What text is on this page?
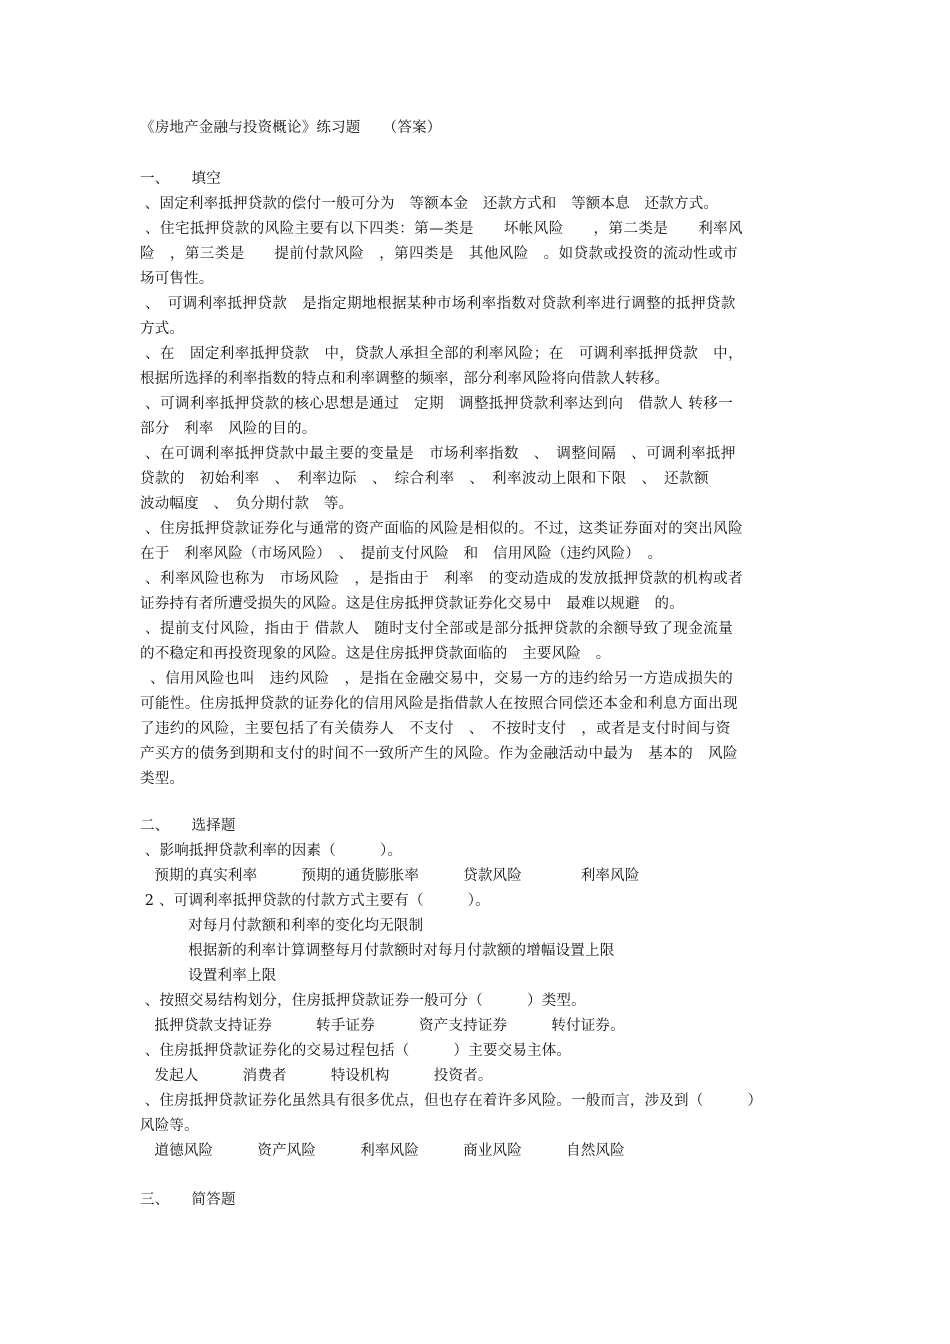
《房地产金融与投资概论》练习题　　（答案）
一、　　填空
、固定利率抵押贷款的偿付一般可分为　等额本金　还款方式和　等额本息　还款方式。
、住宅抵押贷款的风险主要有以下四类：第—类是　　坏帐风险　　，第二类是　　利率风
险　，第三类是　　提前付款风险　，第四类是　其他风险　。如贷款或投资的流动性或市
场可售性。
、　可调利率抵押贷款　是指定期地根据某种市场利率指数对贷款利率进行调整的抵押贷款
方式。
、在　固定利率抵押贷款　中，贷款人承担全部的利率风险；在　可调利率抵押贷款　中，
根据所选择的利率指数的特点和利率调整的频率，部分利率风险将向借款人转移。
、可调利率抵押贷款的核心思想是通过　定期　调整抵押贷款利率达到向　借款人 转移一
部分　利率　风险的目的。
、在可调利率抵押贷款中最主要的变量是　市场利率指数　、　调整间隔　、可调利率抵押
贷款的　初始利率　、　利率边际　、　综合利率　、　利率波动上限和下限　、　还款额
波动幅度　、　负分期付款　等。
、住房抵押贷款证券化与通常的资产面临的风险是相似的。不过，这类证券面对的突出风险
在于　利率风险（市场风险）　、　提前支付风险　和　信用风险（违约风险）　。
、利率风险也称为　市场风险　，是指由于　利率　的变动造成的发放抵押贷款的机构或者
证券持有者所遭受损失的风险。这是住房抵押贷款证券化交易中　最难以规避　的。
、提前支付风险，指由于 借款人　随时支付全部或是部分抵押贷款的余额导致了现金流量
的不稳定和再投资现象的风险。这是住房抵押贷款面临的　主要风险　。
、信用风险也叫　违约风险　，是指在金融交易中，交易一方的违约给另一方造成损失的
可能性。住房抵押贷款的证券化的信用风险是指借款人在按照合同偿还本金和利息方面出现
了违约的风险，主要包括了有关债券人　不支付　、　不按时支付　，或者是支付时间与资
产买方的债务到期和支付的时间不一致所产生的风险。作为金融活动中最为　基本的　风险
类型。
二、　　选择题
、影响抵押贷款利率的因素（　　　）。
预期的真实利率　　　预期的通货膨胀率　　　贷款风险　　　　利率风险
2 、可调利率抵押贷款的付款方式主要有（　　　）。
对每月付款额和利率的变化均无限制
根据新的利率计算调整每月付款额时对每月付款额的增幅设置上限
设置利率上限
、按照交易结构划分，住房抵押贷款证券一般可分（　　　）类型。
抵押贷款支持证券　　　转手证券　　　资产支持证券　　　转付证券。
、住房抵押贷款证券化的交易过程包括（　　　）主要交易主体。
发起人　　　消费者　　　特设机构　　　投资者。
、住房抵押贷款证券化虽然具有很多优点，但也存在着许多风险。一般而言，涉及到（　　　）
风险等。
道德风险　　　资产风险　　　利率风险　　　商业风险　　　自然风险
三、　　简答题
